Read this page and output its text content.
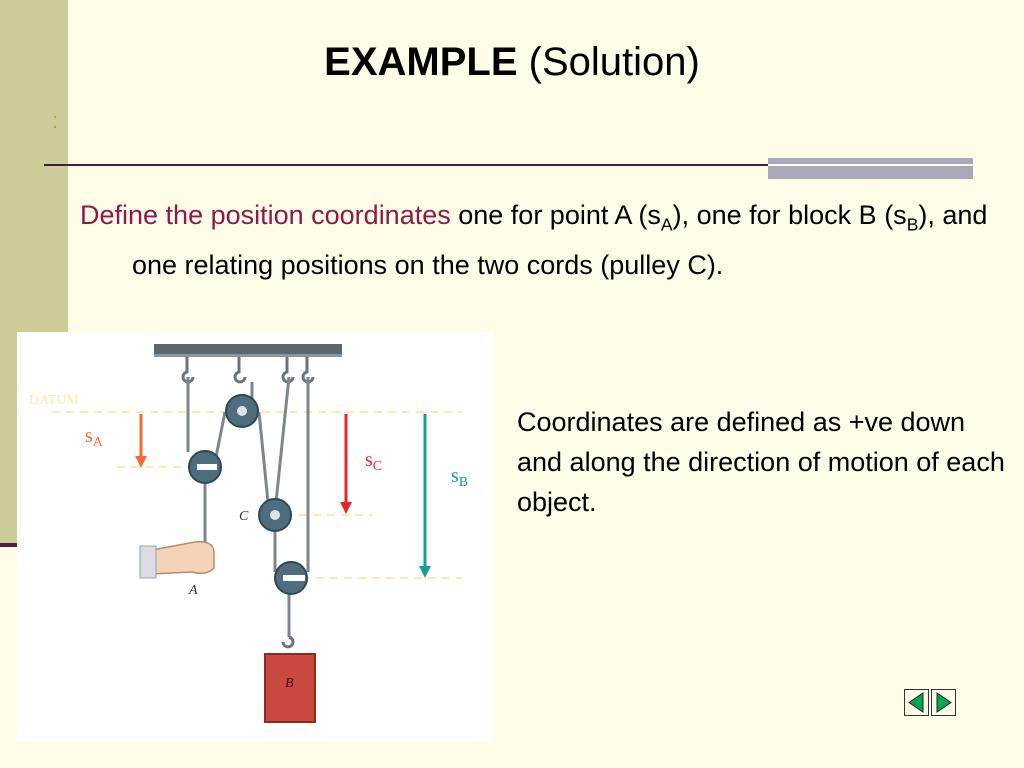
:
EXAMPLE (Solution)
Define the position coordinates one for point A $(s_A)$, one for block B $(s_B)$, and one relating positions on the two cords (pulley C).
DATUM
$s_A$
$s_C$	$s_B$
C
A
B
Coordinates are defined as +ve down and along the direction of motion of each object.
